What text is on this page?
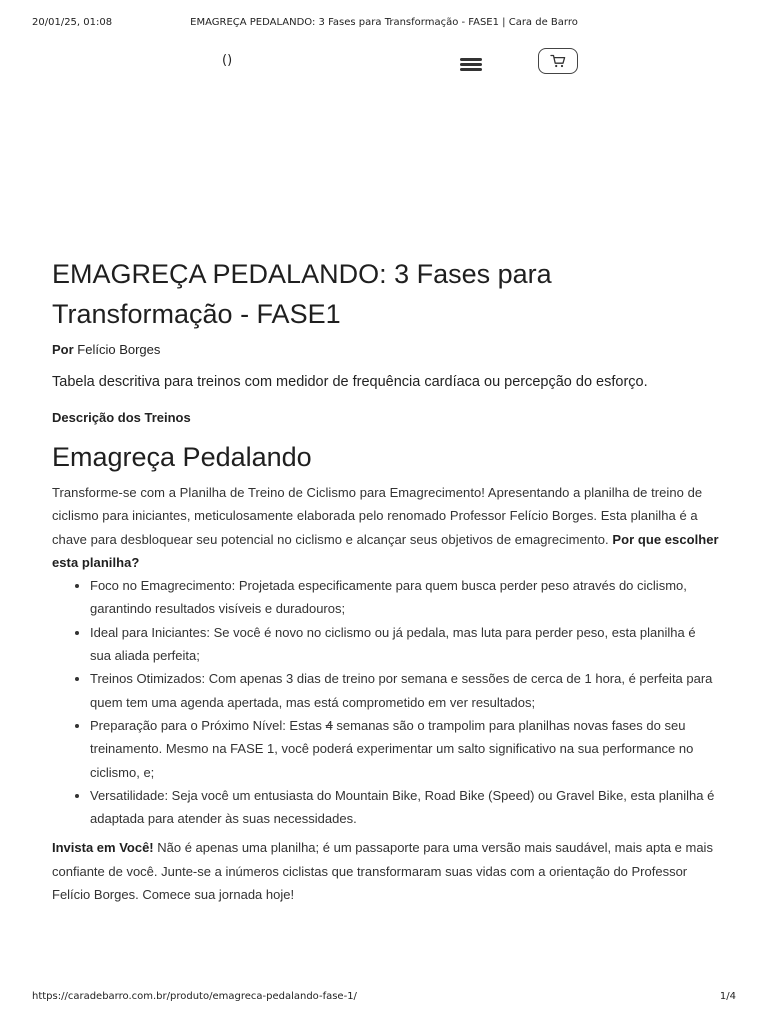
20/01/25, 01:08	EMAGREÇA PEDALANDO: 3 Fases para Transformação - FASE1 | Cara de Barro
()
EMAGREÇA PEDALANDO: 3 Fases para
Transformação - FASE1
Por Felício Borges
Tabela descritiva para treinos com medidor de frequência cardíaca ou percepção do esforço.
Descrição dos Treinos
Emagreça Pedalando
Transforme-se com a Planilha de Treino de Ciclismo para Emagrecimento! Apresentando a planilha de treino de ciclismo para iniciantes, meticulosamente elaborada pelo renomado Professor Felício Borges. Esta planilha é a chave para desbloquear seu potencial no ciclismo e alcançar seus objetivos de emagrecimento. Por que escolher esta planilha?
• Foco no Emagrecimento: Projetada especificamente para quem busca perder peso através do ciclismo, garantindo resultados visíveis e duradouros;
• Ideal para Iniciantes: Se você é novo no ciclismo ou já pedala, mas luta para perder peso, esta planilha é sua aliada perfeita;
• Treinos Otimizados: Com apenas 3 dias de treino por semana e sessões de cerca de 1 hora, é perfeita para quem tem uma agenda apertada, mas está comprometido em ver resultados;
• Preparação para o Próximo Nível: Estas 4 semanas são o trampolim para planilhas novas fases do seu treinamento. Mesmo na FASE 1, você poderá experimentar um salto significativo na sua performance no ciclismo, e;
• Versatilidade: Seja você um entusiasta do Mountain Bike, Road Bike (Speed) ou Gravel Bike, esta planilha é adaptada para atender às suas necessidades.
Invista em Você! Não é apenas uma planilha; é um passaporte para uma versão mais saudável, mais apta e mais confiante de você. Junte-se a inúmeros ciclistas que transformaram suas vidas com a orientação do Professor Felício Borges. Comece sua jornada hoje!
https://caradebarro.com.br/produto/emagreca-pedalando-fase-1/	1/4
